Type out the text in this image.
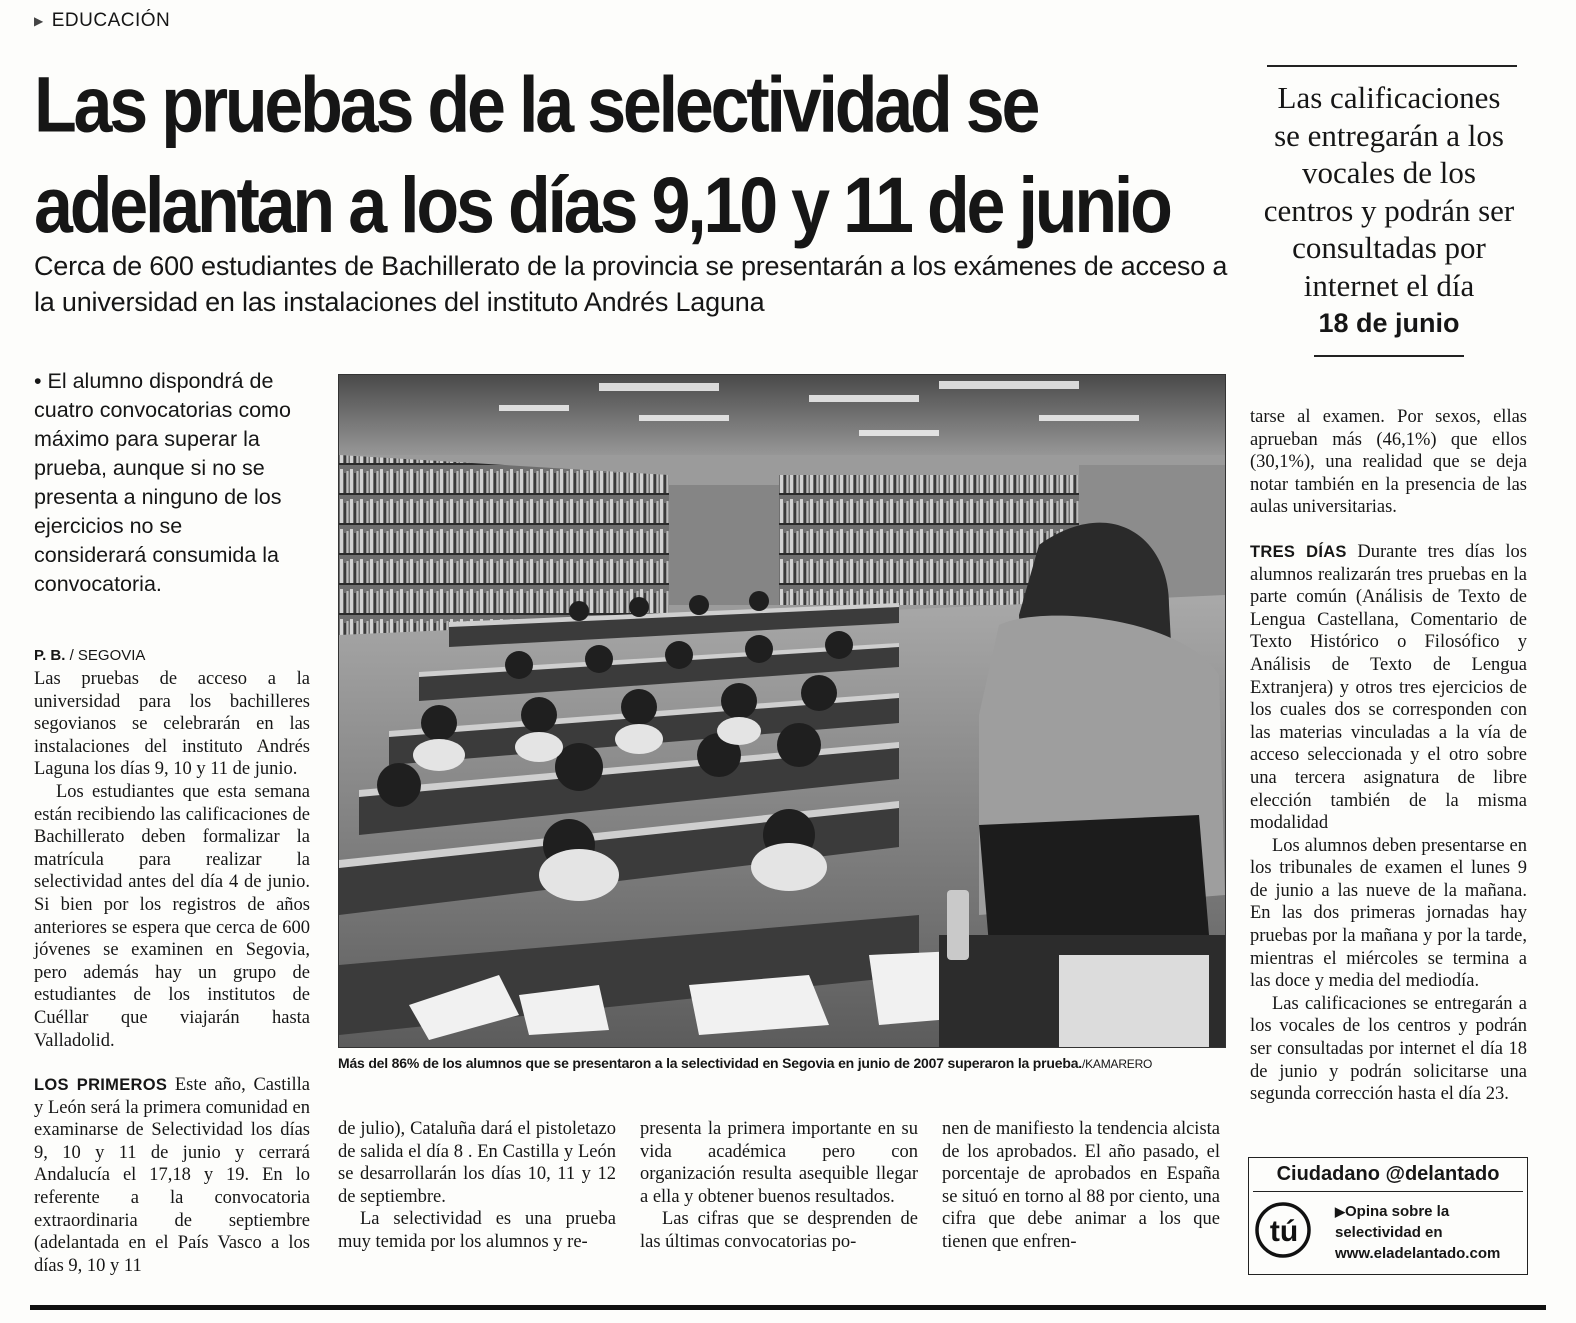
▶ EDUCACIÓN
Las pruebas de la selectividad se
adelantan a los días 9,10 y 11 de junio

Cerca de 600 estudiantes de Bachillerato de la provincia se presentarán a los exámenes de acceso a la universidad en las instalaciones del instituto Andrés Laguna

Las calificaciones se entregarán a los vocales de los centros y podrán ser consultadas por internet el día
18 de junio

• El alumno dispondrá de cuatro convocatorias como máximo para superar la prueba, aunque si no se presenta a ninguno de los ejercicios no se considerará consumida la convocatoria.

P. B. / SEGOVIA

Las pruebas de acceso a la universidad para los bachilleres segovianos se celebrarán en las instalaciones del instituto Andrés Laguna los días 9, 10 y 11 de junio.

Los estudiantes que esta semana están recibiendo las calificaciones de Bachillerato deben formalizar la matrícula para realizar la selectividad antes del día 4 de junio. Si bien por los registros de años anteriores se espera que cerca de 600 jóvenes se examinen en Segovia, pero además hay un grupo de estudiantes de los institutos de Cuéllar que viajarán hasta Valladolid.

LOS PRIMEROS Este año, Castilla y León será la primera comunidad en examinarse de Selectividad los días 9, 10 y 11 de junio y cerrará Andalucía el 17,18 y 19. En lo referente a la convocatoria extraordinaria de septiembre (adelantada en el País Vasco a los días 9, 10 y 11

Más del 86% de los alumnos que se presentaron a la selectividad en Segovia en junio de 2007 superaron la prueba./KAMARERO

de julio), Cataluña dará el pistoletazo de salida el día 8 . En Castilla y León se desarrollarán los días 10, 11 y 12 de septiembre.

La selectividad es una prueba muy temida por los alumnos y re-

presenta la primera importante en su vida académica pero con organización resulta asequible llegar a ella y obtener buenos resultados.

Las cifras que se desprenden de las últimas convocatorias po-

nen de manifiesto la tendencia alcista de los aprobados. El año pasado, el porcentaje de aprobados en España se situó en torno al 88 por ciento, una cifra que debe animar a los que tienen que enfren-

tarse al examen. Por sexos, ellas aprueban más (46,1%) que ellos (30,1%), una realidad que se deja notar también en la presencia de las aulas universitarias.

TRES DÍAS Durante tres días los alumnos realizarán tres pruebas en la parte común (Análisis de Texto de Lengua Castellana, Comentario de Texto Histórico o Filosófico y Análisis de Texto de Lengua Extranjera) y otros tres ejercicios de los cuales dos se corresponden con las materias vinculadas a la vía de acceso seleccionada y el otro sobre una tercera asignatura de libre elección también de la misma modalidad

Los alumnos deben presentarse en los tribunales de examen el lunes 9 de junio a las nueve de la mañana. En las dos primeras jornadas hay pruebas por la mañana y por la tarde, mientras el miércoles se termina a las doce y media del mediodía.

Las calificaciones se entregarán a los vocales de los centros y podrán ser consultadas por internet el día 18 de junio y podrán solicitarse una segunda corrección hasta el día 23.

Ciudadano @delantado
tú
▶Opina sobre la selectividad en
www.eladelantado.com
